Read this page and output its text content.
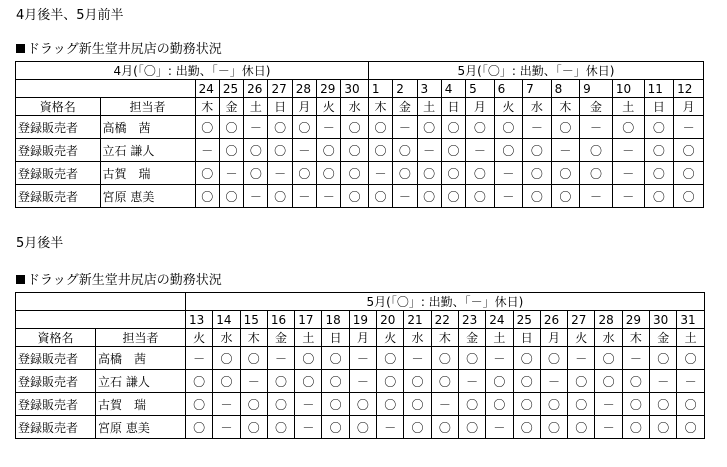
4月後半、5月前半
ドラッグ新生堂井尻店の勤務状況
4月(「〇」: 出勤、「－」休日)									5月(「〇」: 出勤、「－」休日)											
		24	25	26	27	28	29	30	1	2	3	4	5	6	7	8	9	10	11	12
資格名	担当者	木	金	土	日	月	火	水	木	金	土	日	月	火	水	木	金	土	日	月
登録販売者	高橋　茜	〇	〇	－	〇	〇	－	〇	〇	－	〇	〇	〇	〇	－	〇	－	〇	〇	－
登録販売者	立石 謙人	－	〇	〇	〇	－	〇	〇	〇	〇	－	〇	－	〇	〇	－	〇	－	〇	〇
登録販売者	古賀　瑞	〇	－	〇	－	〇	〇	〇	－	〇	〇	〇	〇	－	〇	〇	〇	－	〇	〇
登録販売者	宮原 恵美	〇	〇	－	〇	－	－	〇	〇	－	〇	〇	〇	－	〇	〇	－	－	〇	〇
5月後半
ドラッグ新生堂井尻店の勤務状況
		5月(「〇」: 出勤、「－」休日)																		
		13	14	15	16	17	18	19	20	21	22	23	24	25	26	27	28	29	30	31
資格名	担当者	火	水	木	金	土	日	月	火	水	木	金	土	日	月	火	水	木	金	土
登録販売者	高橋　茜	－	〇	〇	－	〇	〇	－	〇	－	〇	〇	－	〇	〇	－	〇	－	〇	〇
登録販売者	立石 謙人	〇	〇	－	〇	〇	〇	－	〇	〇	〇	－	〇	〇	－	〇	〇	〇	－	－
登録販売者	古賀　瑞	〇	－	〇	〇	－	〇	〇	〇	〇	－	〇	〇	〇	〇	〇	－	〇	〇	〇
登録販売者	宮原 恵美	〇	－	〇	〇	－	〇	〇	－	〇	〇	〇	－	〇	〇	〇	－	〇	〇	〇
